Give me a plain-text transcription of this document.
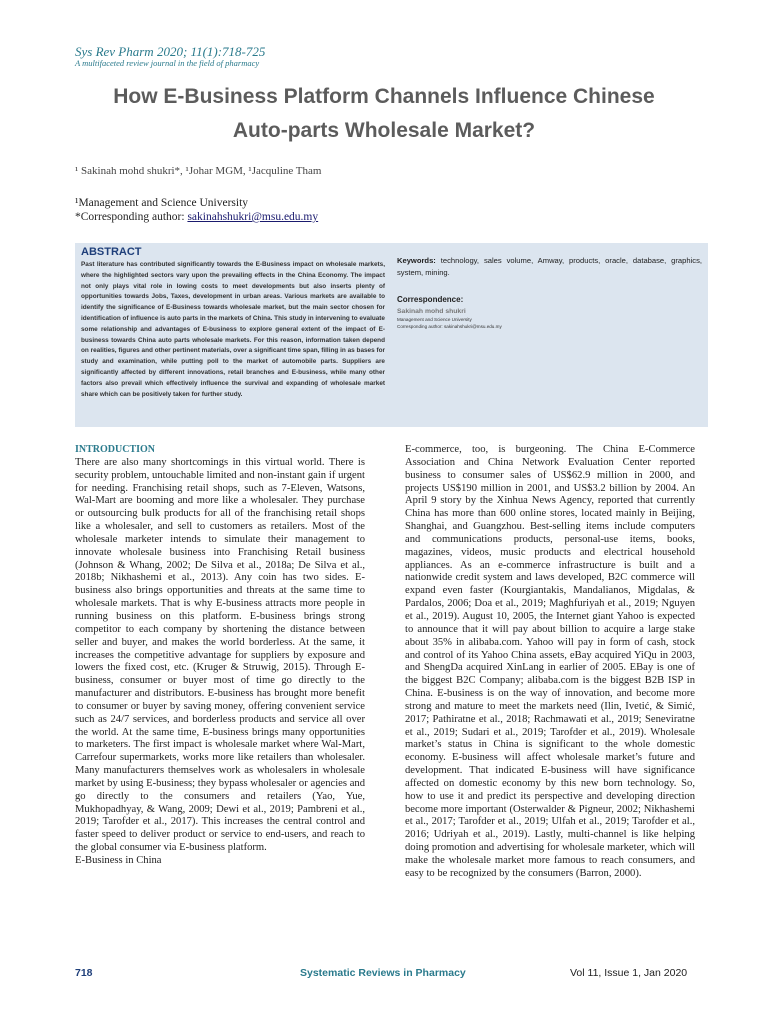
Sys Rev Pharm 2020; 11(1):718-725
A multifaceted review journal in the field of pharmacy
How E-Business Platform Channels Influence Chinese
Auto-parts Wholesale Market?
¹ Sakinah mohd shukri*, ¹Johar MGM, ¹Jacquline Tham
¹Management and Science University
*Corresponding author: sakinahshukri@msu.edu.my
ABSTRACT
Past literature has contributed significantly towards the E-Business impact on wholesale markets, where the highlighted sectors vary upon the prevailing effects in the China Economy. The impact not only plays vital role in lowing costs to meet developments but also inserts plenty of opportunities towards Jobs, Taxes, development in urban areas. Various markets are available to identify the significance of E-Business towards wholesale market, but the main sector chosen for identification of influence is auto parts in the markets of China. This study in intervening to evaluate some relationship and advantages of E-business to explore general extent of the impact of E-business towards China auto parts wholesale markets. For this reason, information taken depend on realities, figures and other pertinent materials, over a significant time span, filling in as bases for study and examination, while putting poll to the market of automobile parts. Suppliers are significantly affected by different innovations, retail branches and E-business, while many other factors also prevail which effectively influence the survival and expanding of wholesale market share which can be positively taken for further study.
Keywords: technology, sales volume, Amway, products, oracle, database, graphics, system, mining.
Correspondence:
Sakinah mohd shukri
Management and Science University
Corresponding author: sakinahshukri@msu.edu.my
INTRODUCTION
There are also many shortcomings in this virtual world. There is security problem, untouchable limited and non-instant gain if urgent for needing. Franchising retail shops, such as 7-Eleven, Watsons, Wal-Mart are booming and more like a wholesaler. They purchase or outsourcing bulk products for all of the franchising retail shops like a wholesaler, and sell to customers as retailers. Most of the wholesale marketer intends to simulate their management to innovate wholesale business into Franchising Retail business (Johnson & Whang, 2002; De Silva et al., 2018a; De Silva et al., 2018b; Nikhashemi et al., 2013). Any coin has two sides. E-business also brings opportunities and threats at the same time to wholesale markets. That is why E-business attracts more people in running business on this platform. E-business brings strong competitor to each company by shortening the distance between seller and buyer, and makes the world borderless. At the same, it increases the competitive advantage for suppliers by exposure and lowers the fixed cost, etc. (Kruger & Struwig, 2015). Through E-business, consumer or buyer most of time go directly to the manufacturer and distributors. E-business has brought more benefit to consumer or buyer by saving money, offering convenient service such as 24/7 services, and borderless products and service all over the world. At the same time, E-business brings many opportunities to marketers. The first impact is wholesale market where Wal-Mart, Carrefour supermarkets, works more like retailers than wholesaler. Many manufacturers themselves work as wholesalers in wholesale market by using E-business; they bypass wholesaler or agencies and go directly to the consumers and retailers (Yao, Yue, Mukhopadhyay, & Wang, 2009; Dewi et al., 2019; Pambreni et al., 2019; Tarofder et al., 2017). This increases the central control and faster speed to deliver product or service to end-users, and reach to the global consumer via E-business platform.
E-Business in China
E-commerce, too, is burgeoning. The China E-Commerce Association and China Network Evaluation Center reported business to consumer sales of US$62.9 million in 2000, and projects US$190 million in 2001, and US$3.2 billion by 2004. An April 9 story by the Xinhua News Agency, reported that currently China has more than 600 online stores, located mainly in Beijing, Shanghai, and Guangzhou. Best-selling items include computers and communications products, personal-use items, books, magazines, videos, music products and electrical household appliances. As an e-commerce infrastructure is built and a nationwide credit system and laws developed, B2C commerce will expand even faster (Kourgiantakis, Mandalianos, Migdalas, & Pardalos, 2006; Doa et al., 2019; Maghfuriyah et al., 2019; Nguyen et al., 2019). August 10, 2005, the Internet giant Yahoo is expected to announce that it will pay about billion to acquire a large stake about 35% in alibaba.com. Yahoo will pay in form of cash, stock and control of its Yahoo China assets, eBay acquired YiQu in 2003, and ShengDa acquired XinLang in earlier of 2005. EBay is one of the biggest B2C Company; alibaba.com is the biggest B2B ISP in China. E-business is on the way of innovation, and become more strong and mature to meet the markets need (Ilin, Ivetić, & Simić, 2017; Pathiratne et al., 2018; Rachmawati et al., 2019; Seneviratne et al., 2019; Sudari et al., 2019; Tarofder et al., 2019). Wholesale market’s status in China is significant to the whole domestic economy. E-business will affect wholesale market’s future and development. That indicated E-business will have significance affected on domestic economy by this new born technology. So, how to use it and predict its perspective and developing direction become more important (Osterwalder & Pigneur, 2002; Nikhashemi et al., 2017; Tarofder et al., 2019; Ulfah et al., 2019; Tarofder et al., 2016; Udriyah et al., 2019). Lastly, multi-channel is like helping doing promotion and advertising for wholesale marketer, which will make the wholesale market more famous to reach consumers, and easy to be recognized by the consumers (Barron, 2000).
718	Systematic Reviews in Pharmacy	Vol 11, Issue 1, Jan 2020
